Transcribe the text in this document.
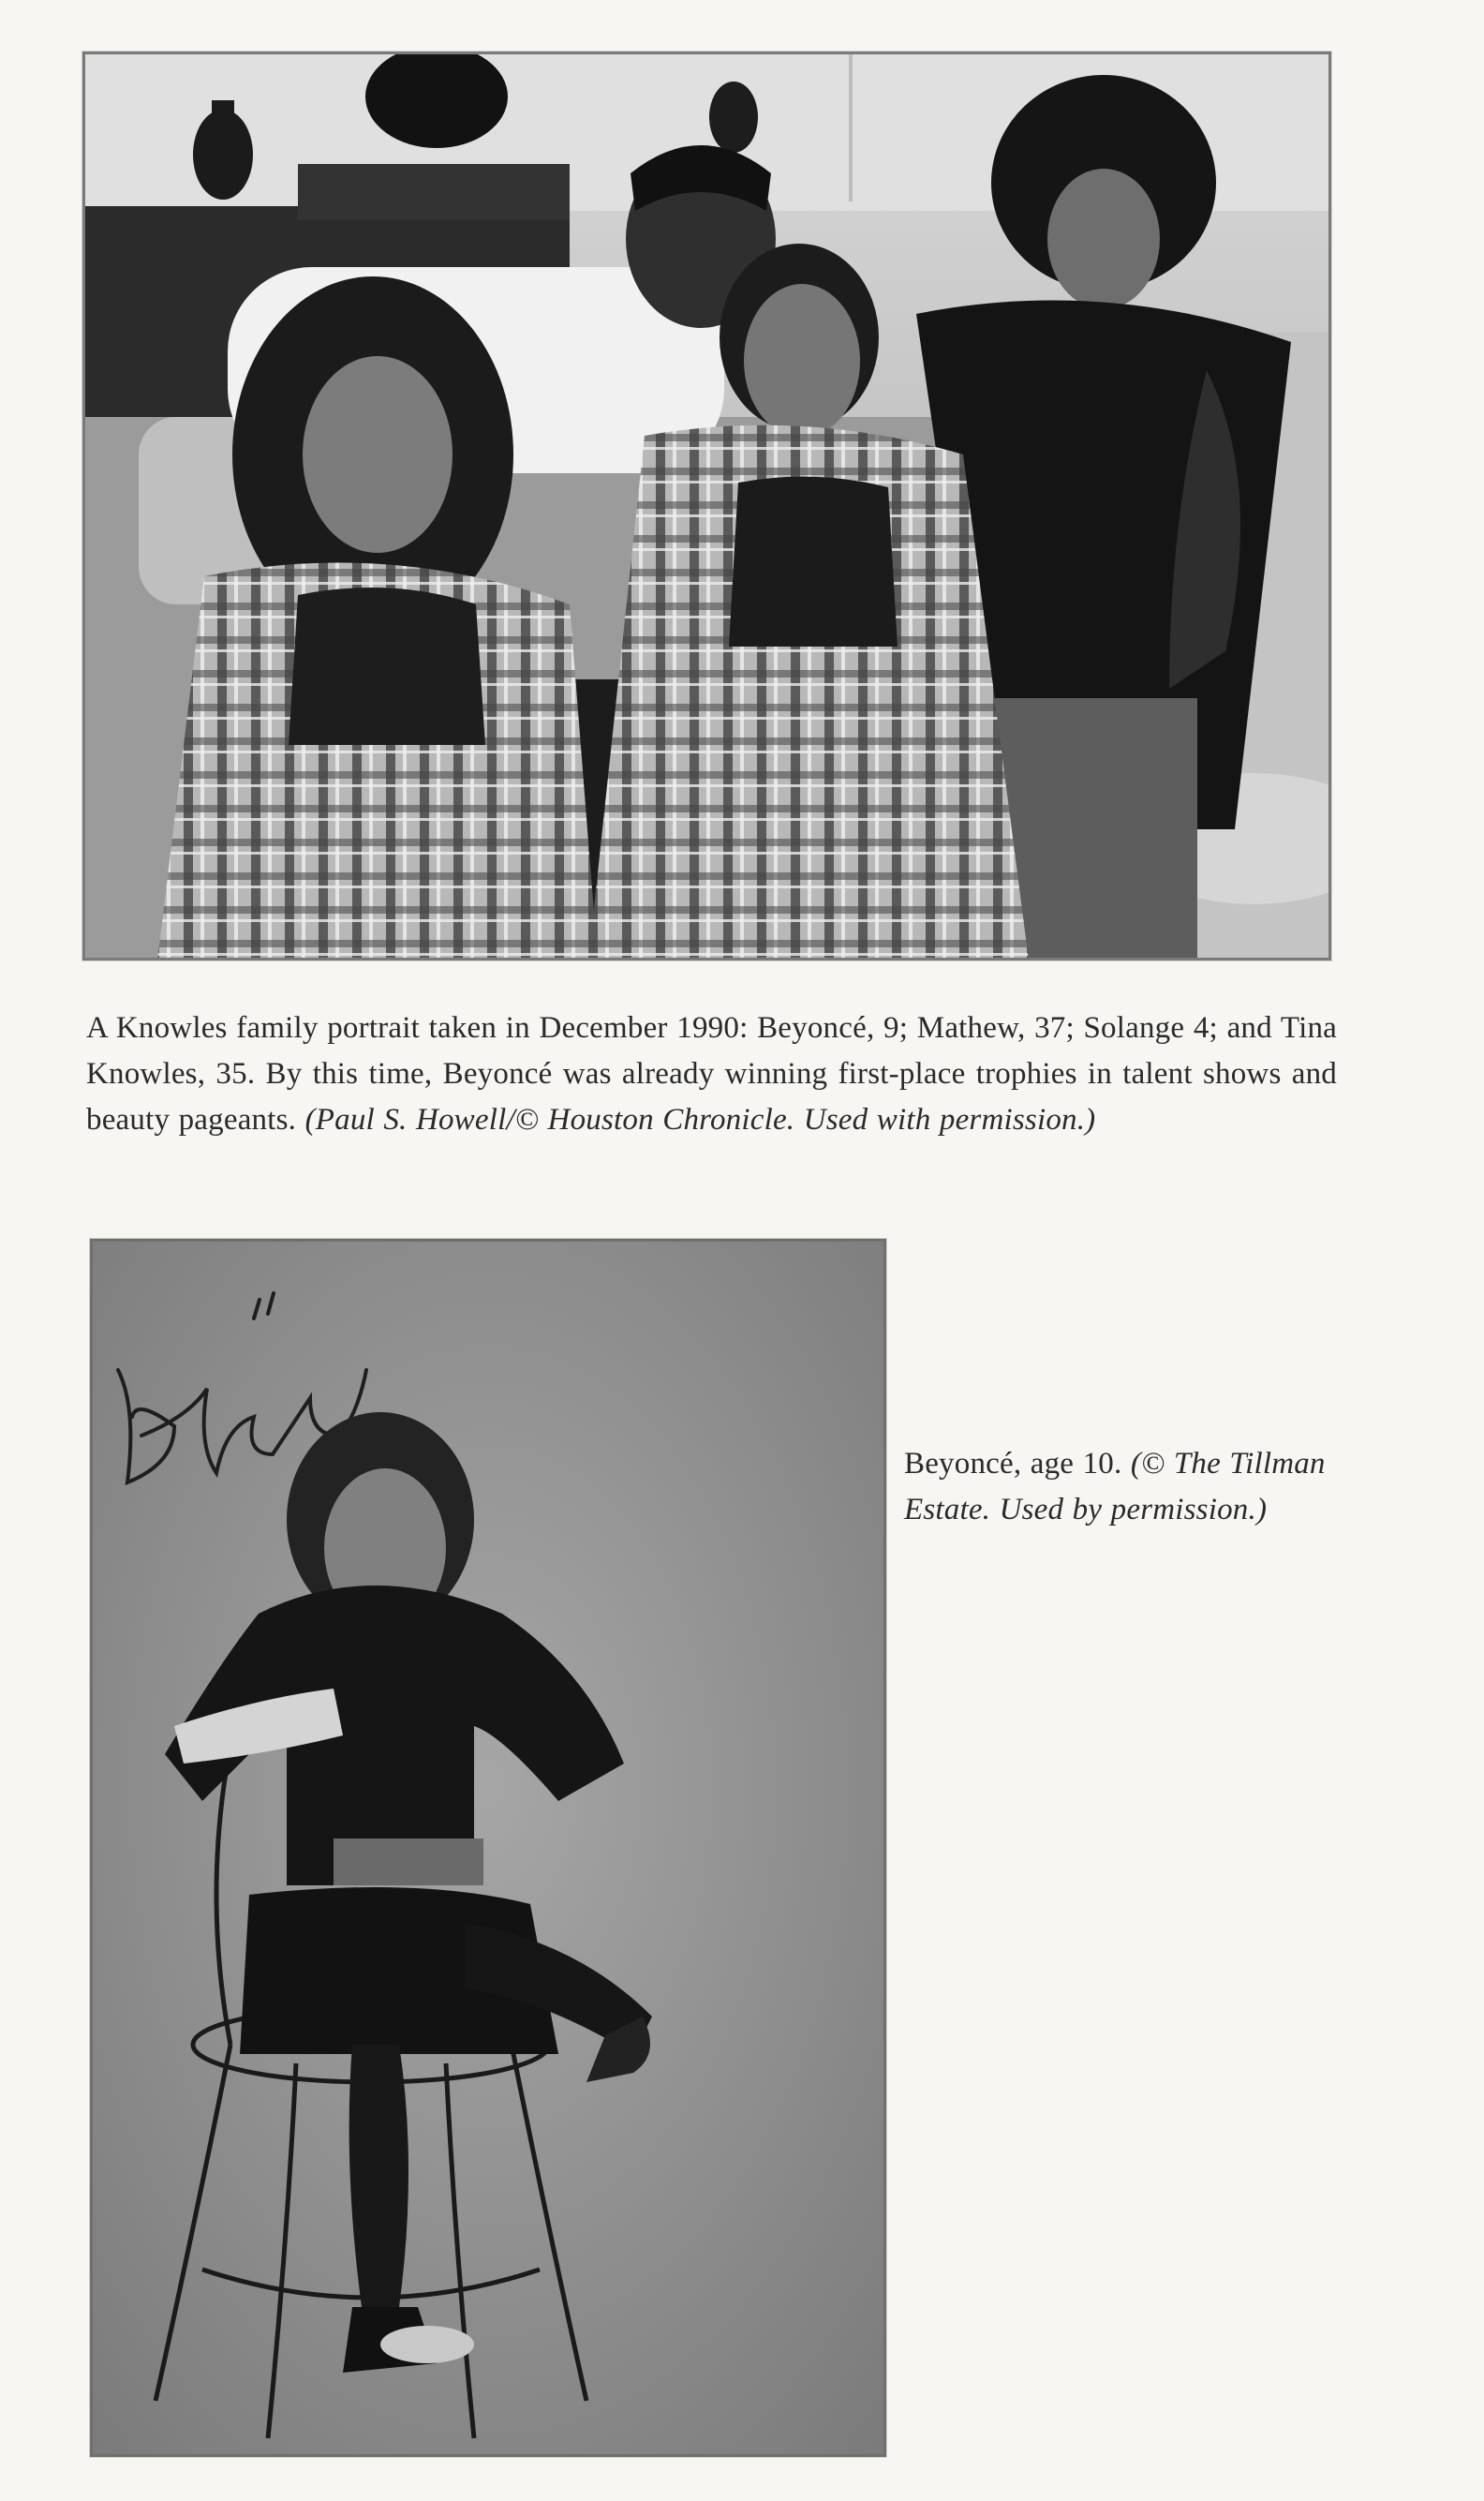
A Knowles family portrait taken in December 1990: Beyoncé, 9; Mathew, 37; Solange 4; and Tina Knowles, 35. By this time, Beyoncé was already winning first-place trophies in talent shows and beauty pageants. (Paul S. Howell/© Houston Chronicle. Used with permission.)

Beyoncé, age 10. (© The Tillman Estate. Used by permission.)
